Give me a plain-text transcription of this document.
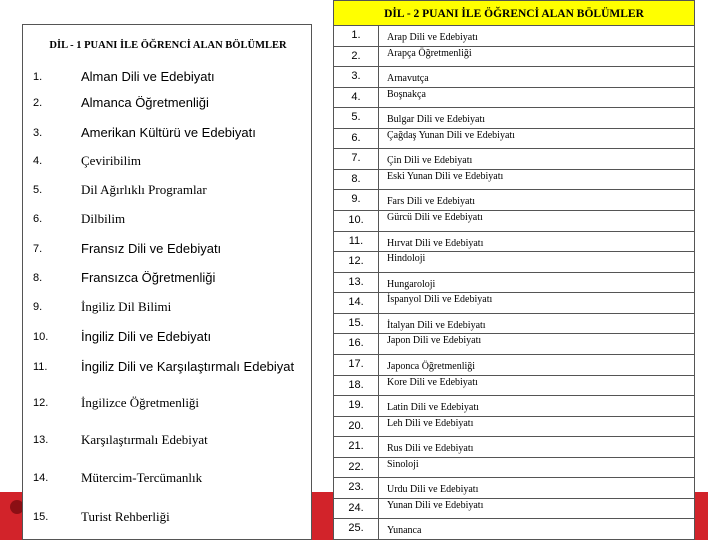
DİL - 1 PUANI İLE ÖĞRENCİ ALAN BÖLÜMLER
1.	Alman Dili ve Edebiyatı
2.	Almanca Öğretmenliği
3.	Amerikan Kültürü ve Edebiyatı
4.	Çeviribilim
5.	Dil Ağırlıklı Programlar
6.	Dilbilim
7.	Fransız Dili ve Edebiyatı
8.	Fransızca Öğretmenliği
9.	İngiliz Dil Bilimi
10.	İngiliz Dili ve Edebiyatı
11.	İngiliz Dili ve Karşılaştırmalı Edebiyat
12.	İngilizce Öğretmenliği
13.	Karşılaştırmalı Edebiyat
14.	Mütercim-Tercümanlık
15.	Turist Rehberliği
DİL - 2 PUANI İLE ÖĞRENCİ ALAN BÖLÜMLER
1.	Arap Dili ve Edebiyatı
2.	Arapça Öğretmenliği
3.	Arnavutça
4.	Boşnakça
5.	Bulgar Dili ve Edebiyatı
6.	Çağdaş Yunan Dili ve Edebiyatı
7.	Çin Dili ve Edebiyatı
8.	Eski Yunan Dili ve Edebiyatı
9.	Fars Dili ve Edebiyatı
10.	Gürcü Dili ve Edebiyatı
11.	Hırvat Dili ve Edebiyatı
12.	Hindoloji
13.	Hungaroloji
14.	İspanyol Dili ve Edebiyatı
15.	İtalyan Dili ve Edebiyatı
16.	Japon Dili ve Edebiyatı
17.	Japonca Öğretmenliği
18.	Kore Dili ve Edebiyatı
19.	Latin Dili ve Edebiyatı
20.	Leh Dili ve Edebiyatı
21.	Rus Dili ve Edebiyatı
22.	Sinoloji
23.	Urdu Dili ve Edebiyatı
24.	Yunan Dili ve Edebiyatı
25.	Yunanca
